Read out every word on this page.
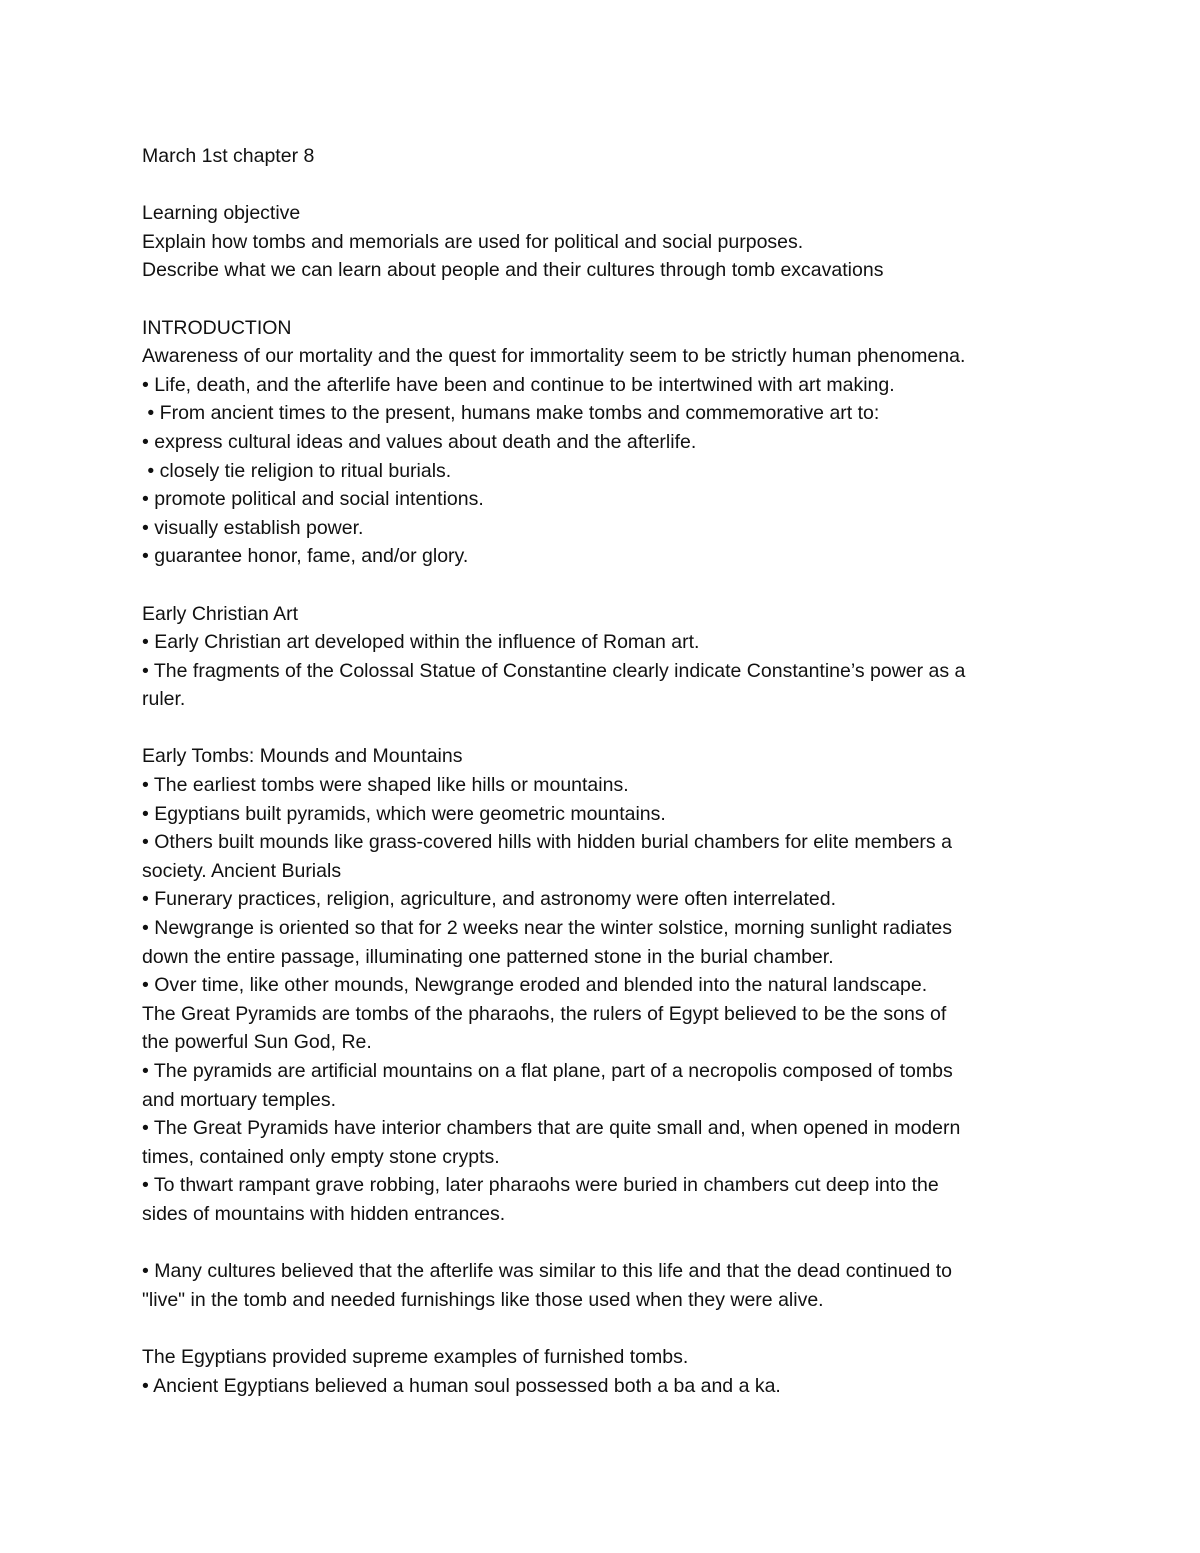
March 1st chapter 8

Learning objective

Explain how tombs and memorials are used for political and social purposes.

Describe what we can learn about people and their cultures through tomb excavations

INTRODUCTION

Awareness of our mortality and the quest for immortality seem to be strictly human phenomena.

• Life, death, and the afterlife have been and continue to be intertwined with art making.

• From ancient times to the present, humans make tombs and commemorative art to:

• express cultural ideas and values about death and the afterlife.

• closely tie religion to ritual burials.

• promote political and social intentions.

• visually establish power.

• guarantee honor, fame, and/or glory.

Early Christian Art

• Early Christian art developed within the influence of Roman art.

• The fragments of the Colossal Statue of Constantine clearly indicate Constantine’s power as a

ruler.

Early Tombs: Mounds and Mountains

• The earliest tombs were shaped like hills or mountains.

• Egyptians built pyramids, which were geometric mountains.

• Others built mounds like grass-covered hills with hidden burial chambers for elite members a

society. Ancient Burials

• Funerary practices, religion, agriculture, and astronomy were often interrelated.

• Newgrange is oriented so that for 2 weeks near the winter solstice, morning sunlight radiates

down the entire passage, illuminating one patterned stone in the burial chamber.

• Over time, like other mounds, Newgrange eroded and blended into the natural landscape.

The Great Pyramids are tombs of the pharaohs, the rulers of Egypt believed to be the sons of

the powerful Sun God, Re.

• The pyramids are artificial mountains on a flat plane, part of a necropolis composed of tombs

and mortuary temples.

• The Great Pyramids have interior chambers that are quite small and, when opened in modern

times, contained only empty stone crypts.

• To thwart rampant grave robbing, later pharaohs were buried in chambers cut deep into the

sides of mountains with hidden entrances.

• Many cultures believed that the afterlife was similar to this life and that the dead continued to

"live" in the tomb and needed furnishings like those used when they were alive.

The Egyptians provided supreme examples of furnished tombs.

• Ancient Egyptians believed a human soul possessed both a ba and a ka.
